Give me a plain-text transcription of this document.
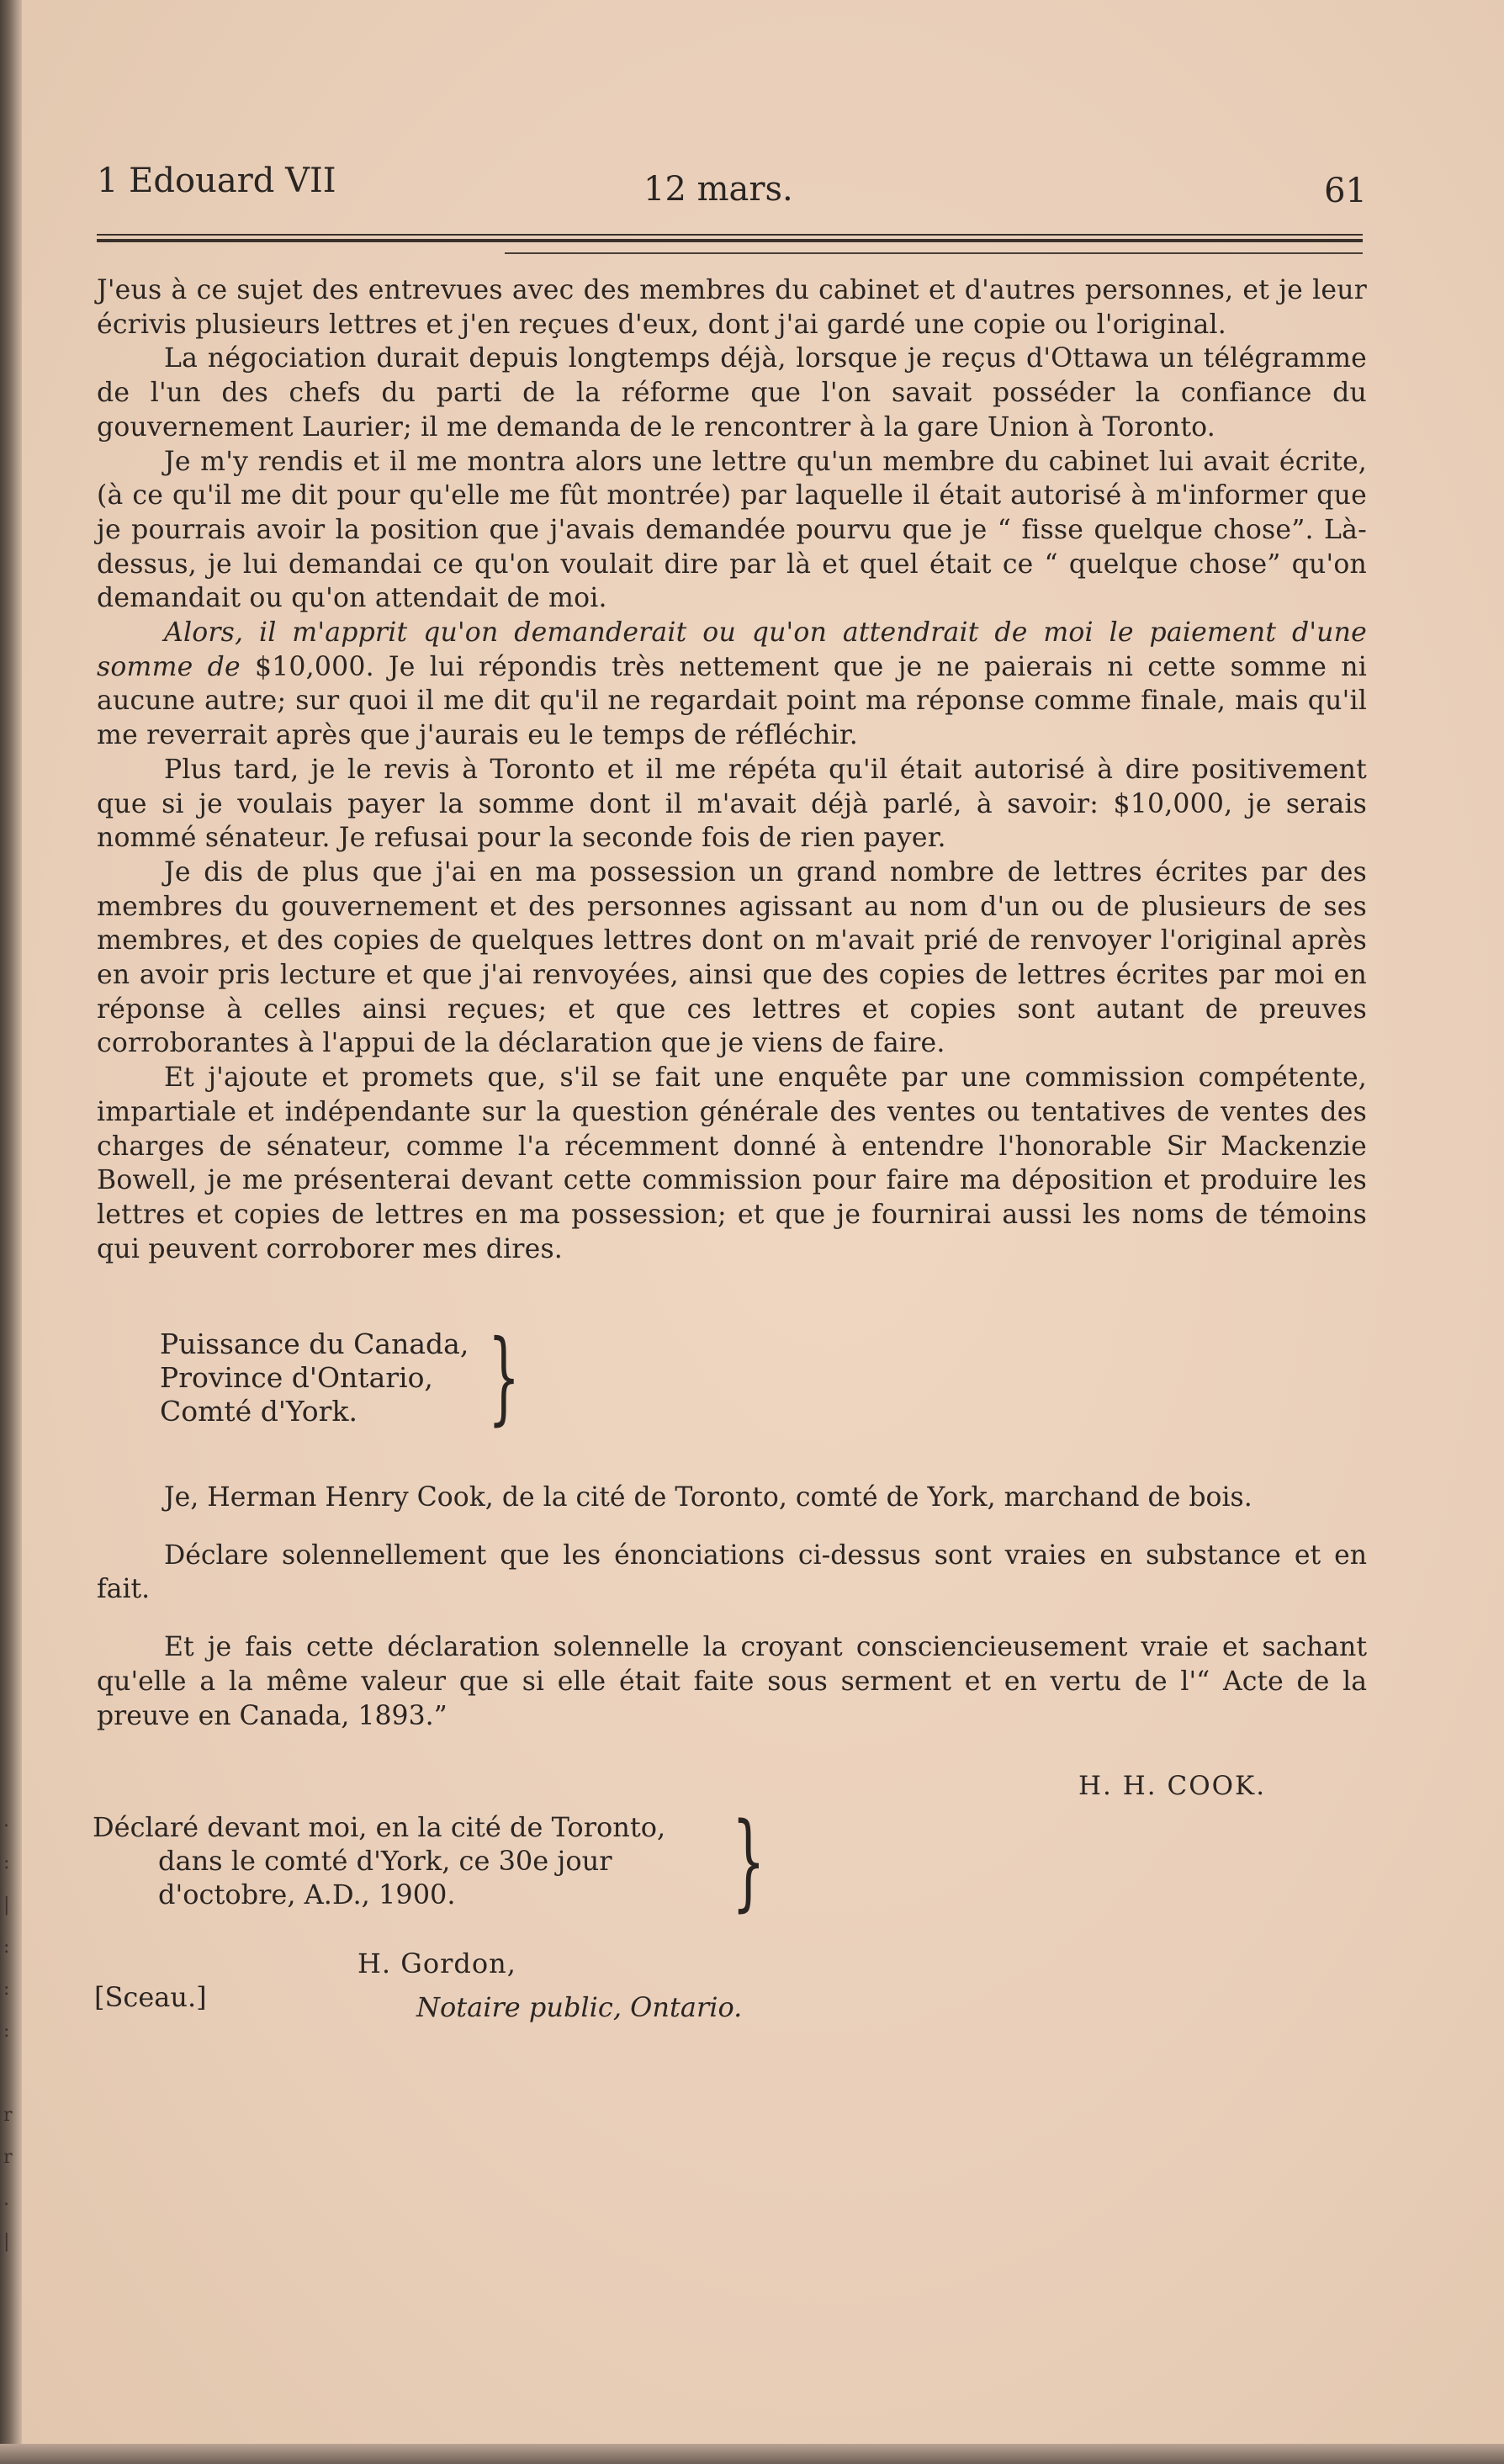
.
:
|
:
:
:

r
r
.
|
1 Edouard VII	12 mars.	61

J'eus à ce sujet des entrevues avec des membres du cabinet et d'autres personnes, et je leur écrivis plusieurs lettres et j'en reçues d'eux, dont j'ai gardé une copie ou l'original.

La négociation durait depuis longtemps déjà, lorsque je reçus d'Ottawa un télégramme de l'un des chefs du parti de la réforme que l'on savait posséder la confiance du gouvernement Laurier; il me demanda de le rencontrer à la gare Union à Toronto.

Je m'y rendis et il me montra alors une lettre qu'un membre du cabinet lui avait écrite, (à ce qu'il me dit pour qu'elle me fût montrée) par laquelle il était autorisé à m'informer que je pourrais avoir la position que j'avais demandée pourvu que je “ fisse quelque chose”. Là-dessus, je lui demandai ce qu'on voulait dire par là et quel était ce “ quelque chose” qu'on demandait ou qu'on attendait de moi.

Alors, il m'apprit qu'on demanderait ou qu'on attendrait de moi le paiement d'une somme de $10,000. Je lui répondis très nettement que je ne paierais ni cette somme ni aucune autre; sur quoi il me dit qu'il ne regardait point ma réponse comme finale, mais qu'il me reverrait après que j'aurais eu le temps de réfléchir.

Plus tard, je le revis à Toronto et il me répéta qu'il était autorisé à dire positivement que si je voulais payer la somme dont il m'avait déjà parlé, à savoir: $10,000, je serais nommé sénateur. Je refusai pour la seconde fois de rien payer.

Je dis de plus que j'ai en ma possession un grand nombre de lettres écrites par des membres du gouvernement et des personnes agissant au nom d'un ou de plusieurs de ses membres, et des copies de quelques lettres dont on m'avait prié de renvoyer l'original après en avoir pris lecture et que j'ai renvoyées, ainsi que des copies de lettres écrites par moi en réponse à celles ainsi reçues; et que ces lettres et copies sont autant de preuves corroborantes à l'appui de la déclaration que je viens de faire.

Et j'ajoute et promets que, s'il se fait une enquête par une commission compétente, impartiale et indépendante sur la question générale des ventes ou tentatives de ventes des charges de sénateur, comme l'a récemment donné à entendre l'honorable Sir Mackenzie Bowell, je me présenterai devant cette commission pour faire ma déposition et produire les lettres et copies de lettres en ma possession; et que je fournirai aussi les noms de témoins qui peuvent corroborer mes dires.

Puissance du Canada,
Province d'Ontario,
Comté d'York.	}

Je, Herman Henry Cook, de la cité de Toronto, comté de York, marchand de bois.

Déclare solennellement que les énonciations ci-dessus sont vraies en substance et en fait.

Et je fais cette déclaration solennelle la croyant consciencieusement vraie et sachant qu'elle a la même valeur que si elle était faite sous serment et en vertu de l'“ Acte de la preuve en Canada, 1893.”

H. H. COOK.
Déclaré devant moi, en la cité de Toronto,
dans le comté d'York, ce 30e jour
d'octobre, A.D., 1900.	}
H. Gordon,
Notaire public, Ontario.
[Sceau.]
